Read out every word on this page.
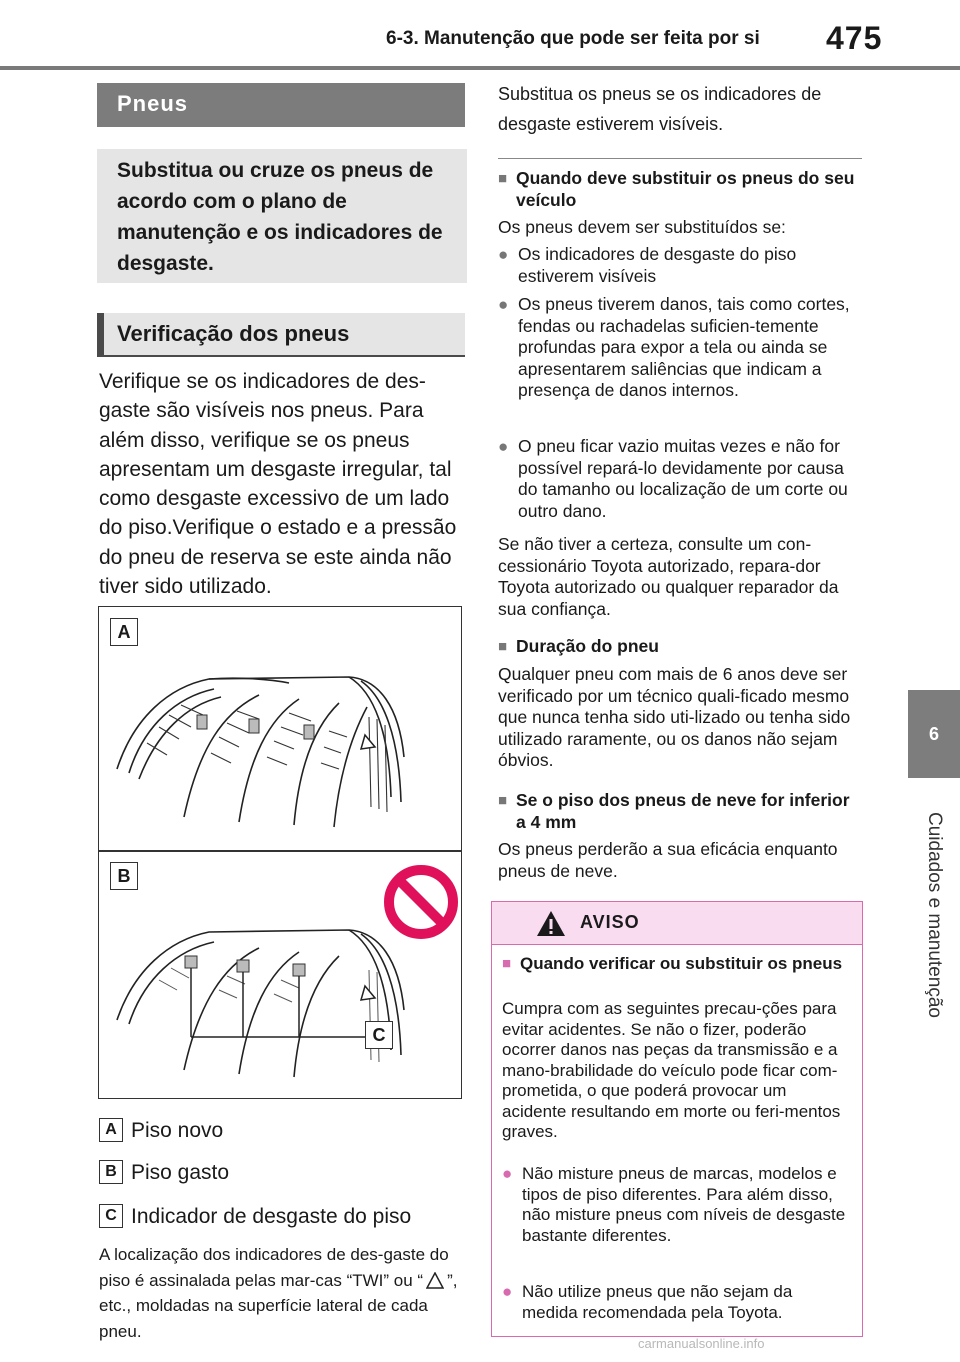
6-3. Manutenção que pode ser feita por si 475
6
Cuidados e manutenção
Pneus
Substitua ou cruze os pneus de acordo com o plano de manutenção e os indicadores de desgaste.
Verificação dos pneus
Verifique se os indicadores de des-gaste são visíveis nos pneus. Para além disso, verifique se os pneus apresentam um desgaste irregular, tal como desgaste excessivo de um lado do piso.Verifique o estado e a pressão do pneu de reserva se este ainda não tiver sido utilizado.
A
B
C
A Piso novo
B Piso gasto
C Indicador de desgaste do piso
A localização dos indicadores de des-gaste do piso é assinalada pelas mar-cas “TWI” ou “ ”, etc., moldadas na superfície lateral de cada pneu.
Substitua os pneus se os indicadores de desgaste estiverem visíveis.
■ Quando deve substituir os pneus do seu veículo
Os pneus devem ser substituídos se:
● Os indicadores de desgaste do piso estiverem visíveis
● Os pneus tiverem danos, tais como cortes, fendas ou rachadelas suficien-temente profundas para expor a tela ou ainda se apresentarem saliências que indicam a presença de danos internos.
● O pneu ficar vazio muitas vezes e não for possível repará-lo devidamente por causa do tamanho ou localização de um corte ou outro dano.
Se não tiver a certeza, consulte um con-cessionário Toyota autorizado, repara-dor Toyota autorizado ou qualquer reparador da sua confiança.
■ Duração do pneu
Qualquer pneu com mais de 6 anos deve ser verificado por um técnico quali-ficado mesmo que nunca tenha sido uti-lizado ou tenha sido utilizado raramente, ou os danos não sejam óbvios.
■ Se o piso dos pneus de neve for inferior a 4 mm
Os pneus perderão a sua eficácia enquanto pneus de neve.
AVISO
■ Quando verificar ou substituir os pneus
Cumpra com as seguintes precau-ções para evitar acidentes. Se não o fizer, poderão ocorrer danos nas peças da transmissão e a mano-brabilidade do veículo pode ficar com-prometida, o que poderá provocar um acidente resultando em morte ou feri-mentos graves.
● Não misture pneus de marcas, modelos e tipos de piso diferentes. Para além disso, não misture pneus com níveis de desgaste bastante diferentes.
● Não utilize pneus que não sejam da medida recomendada pela Toyota.
carmanualsonline.info
